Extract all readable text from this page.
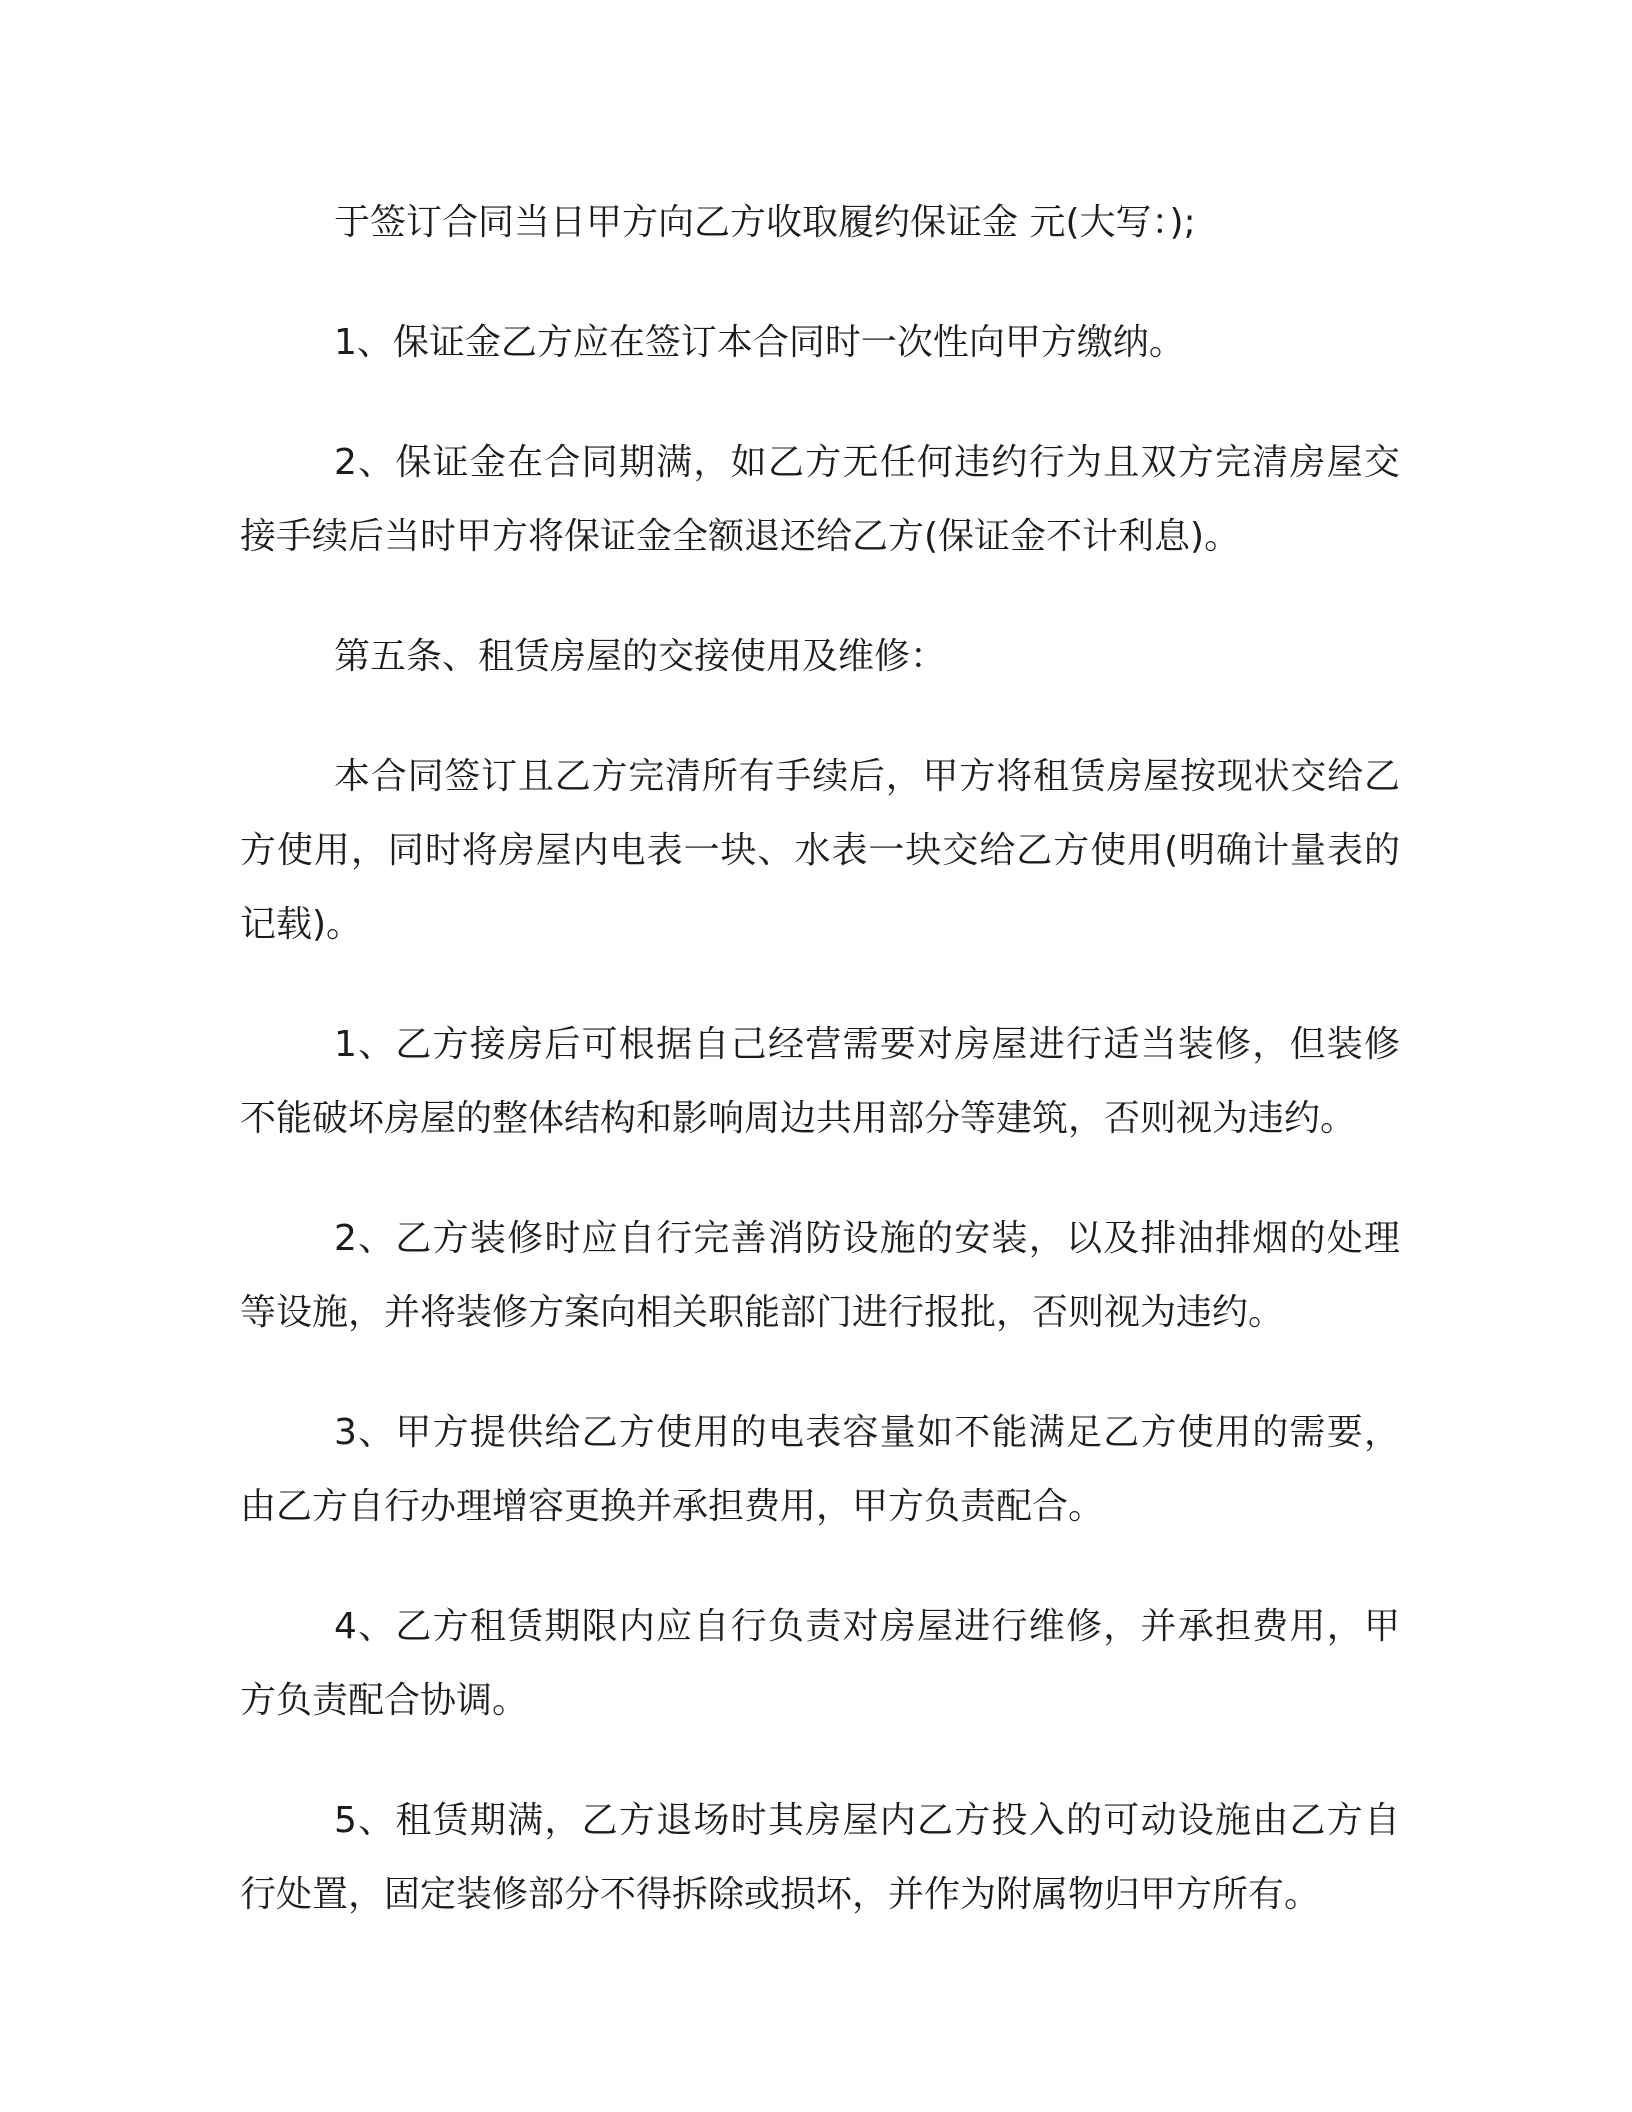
于签订合同当日甲方向乙方收取履约保证金 元(大写：);

1、保证金乙方应在签订本合同时一次性向甲方缴纳。

2、保证金在合同期满，如乙方无任何违约行为且双方完清房屋交接手续后当时甲方将保证金全额退还给乙方(保证金不计利息)。

第五条、租赁房屋的交接使用及维修：

本合同签订且乙方完清所有手续后，甲方将租赁房屋按现状交给乙方使用，同时将房屋内电表一块、水表一块交给乙方使用(明确计量表的记载)。

1、乙方接房后可根据自己经营需要对房屋进行适当装修，但装修不能破坏房屋的整体结构和影响周边共用部分等建筑，否则视为违约。

2、乙方装修时应自行完善消防设施的安装，以及排油排烟的处理等设施，并将装修方案向相关职能部门进行报批，否则视为违约。

3、甲方提供给乙方使用的电表容量如不能满足乙方使用的需要，由乙方自行办理增容更换并承担费用，甲方负责配合。

4、乙方租赁期限内应自行负责对房屋进行维修，并承担费用，甲方负责配合协调。

5、租赁期满，乙方退场时其房屋内乙方投入的可动设施由乙方自行处置，固定装修部分不得拆除或损坏，并作为附属物归甲方所有。
